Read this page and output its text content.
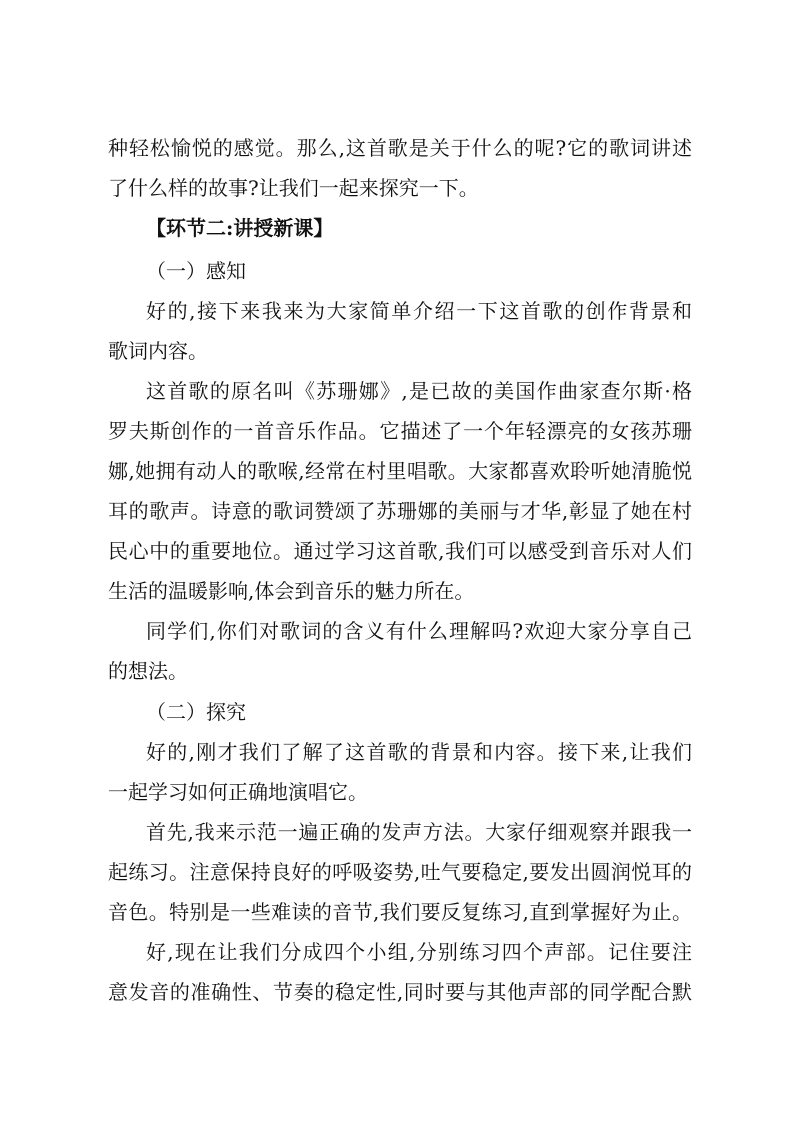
种轻松愉悦的感觉。那么,这首歌是关于什么的呢?它的歌词讲述
了什么样的故事?让我们一起来探究一下。
【环节二:讲授新课】
（一）感知
好的,接下来我来为大家简单介绍一下这首歌的创作背景和
歌词内容。
这首歌的原名叫《苏珊娜》,是已故的美国作曲家查尔斯·格
罗夫斯创作的一首音乐作品。它描述了一个年轻漂亮的女孩苏珊
娜,她拥有动人的歌喉,经常在村里唱歌。大家都喜欢聆听她清脆悦
耳的歌声。诗意的歌词赞颂了苏珊娜的美丽与才华,彰显了她在村
民心中的重要地位。通过学习这首歌,我们可以感受到音乐对人们
生活的温暖影响,体会到音乐的魅力所在。
同学们,你们对歌词的含义有什么理解吗?欢迎大家分享自己
的想法。
（二）探究
好的,刚才我们了解了这首歌的背景和内容。接下来,让我们
一起学习如何正确地演唱它。
首先,我来示范一遍正确的发声方法。大家仔细观察并跟我一
起练习。注意保持良好的呼吸姿势,吐气要稳定,要发出圆润悦耳的
音色。特别是一些难读的音节,我们要反复练习,直到掌握好为止。
好,现在让我们分成四个小组,分别练习四个声部。记住要注
意发音的准确性、节奏的稳定性,同时要与其他声部的同学配合默
